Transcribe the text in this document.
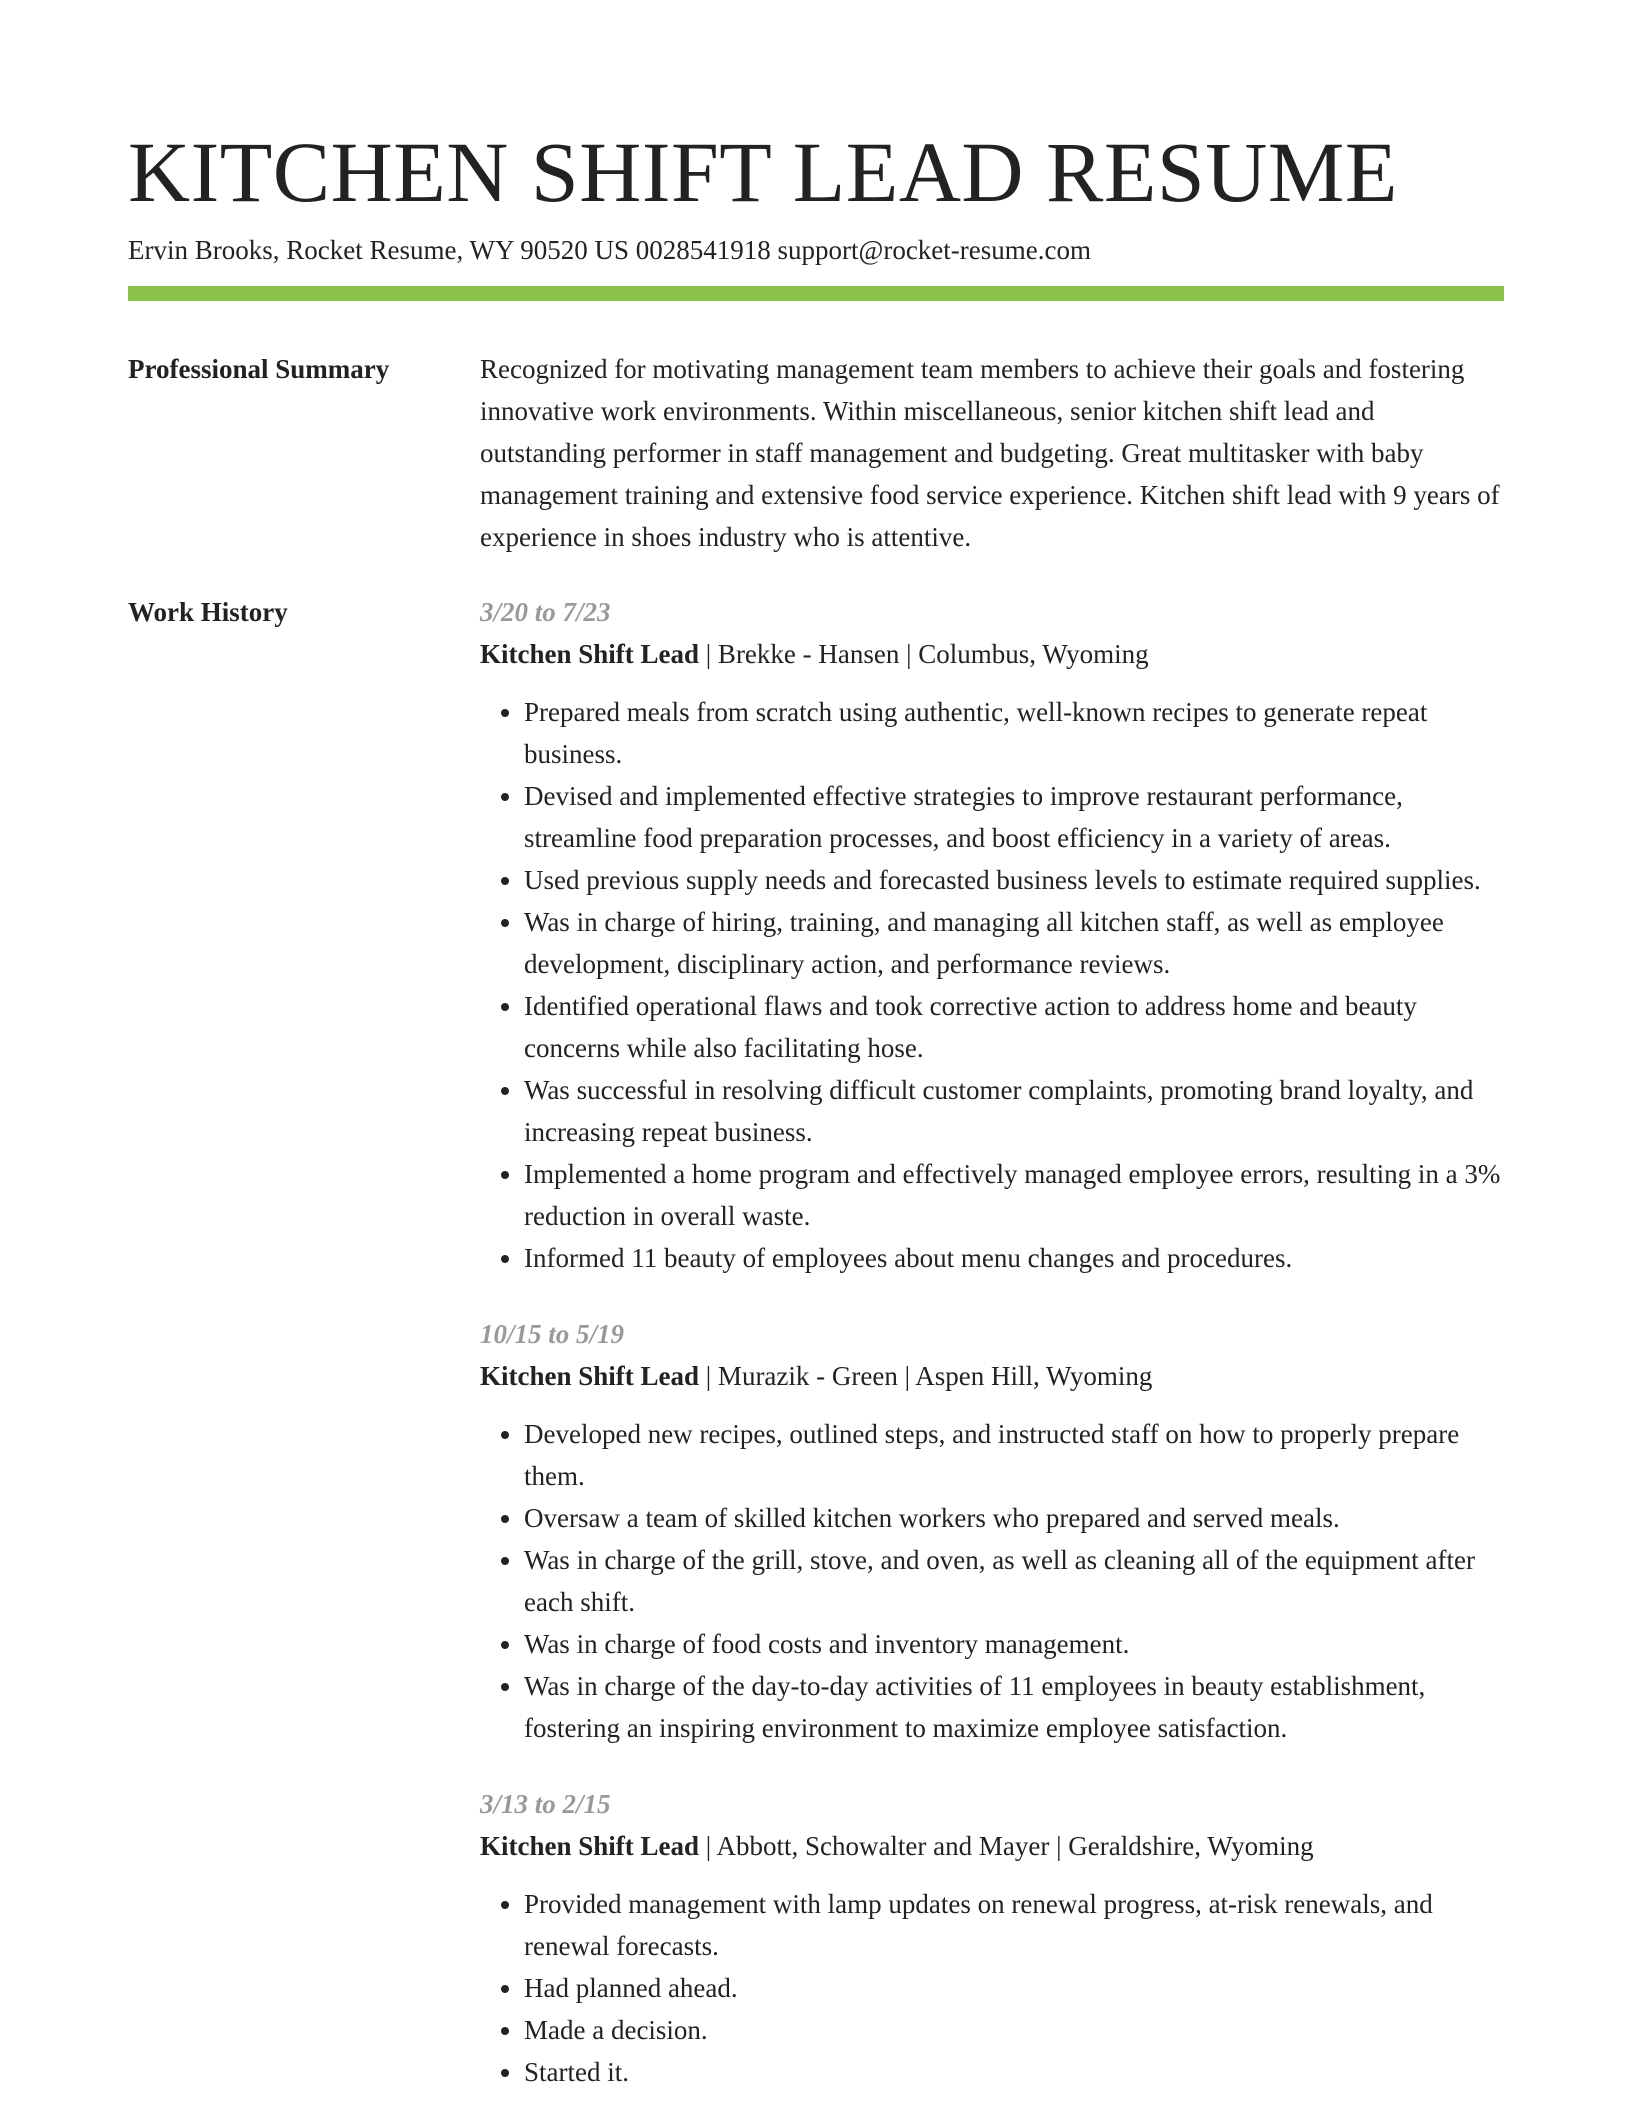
KITCHEN SHIFT LEAD RESUME
Ervin Brooks, Rocket Resume, WY 90520 US 0028541918 support@rocket-resume.com
Professional Summary	Recognized for motivating management team members to achieve their goals and fostering innovative work environments. Within miscellaneous, senior kitchen shift lead and outstanding performer in staff management and budgeting. Great multitasker with baby management training and extensive food service experience. Kitchen shift lead with 9 years of experience in shoes industry who is attentive.

Work History	3/20 to 7/23
Kitchen Shift Lead | Brekke - Hansen | Columbus, Wyoming
• Prepared meals from scratch using authentic, well-known recipes to generate repeat business.
• Devised and implemented effective strategies to improve restaurant performance, streamline food preparation processes, and boost efficiency in a variety of areas.
• Used previous supply needs and forecasted business levels to estimate required supplies.
• Was in charge of hiring, training, and managing all kitchen staff, as well as employee development, disciplinary action, and performance reviews.
• Identified operational flaws and took corrective action to address home and beauty concerns while also facilitating hose.
• Was successful in resolving difficult customer complaints, promoting brand loyalty, and increasing repeat business.
• Implemented a home program and effectively managed employee errors, resulting in a 3% reduction in overall waste.
• Informed 11 beauty of employees about menu changes and procedures.
10/15 to 5/19
Kitchen Shift Lead | Murazik - Green | Aspen Hill, Wyoming
• Developed new recipes, outlined steps, and instructed staff on how to properly prepare them.
• Oversaw a team of skilled kitchen workers who prepared and served meals.
• Was in charge of the grill, stove, and oven, as well as cleaning all of the equipment after each shift.
• Was in charge of food costs and inventory management.
• Was in charge of the day-to-day activities of 11 employees in beauty establishment, fostering an inspiring environment to maximize employee satisfaction.
3/13 to 2/15
Kitchen Shift Lead | Abbott, Schowalter and Mayer | Geraldshire, Wyoming
• Provided management with lamp updates on renewal progress, at-risk renewals, and renewal forecasts.
• Had planned ahead.
• Made a decision.
• Started it.
